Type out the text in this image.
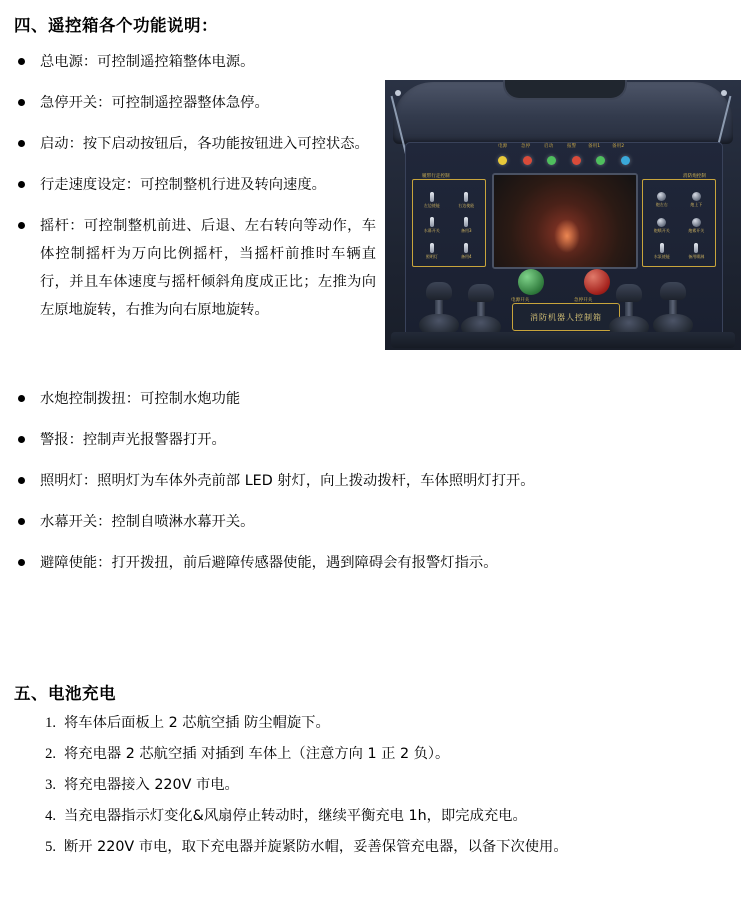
四、遥控箱各个功能说明：
总电源：可控制遥控箱整体电源。
急停开关：可控制遥控器整体急停。
启动：按下启动按钮后，各功能按钮进入可控状态。
行走速度设定：可控制整机行进及转向速度。
摇杆：可控制整机前进、后退、左右转向等动作，车体控制摇杆为万向比例摇杆，当摇杆前推时车辆直行，并且车体速度与摇杆倾斜角度成正比；左推为向左原地旋转，右推为向右原地旋转。
水炮控制拨扭：可控制水炮功能
警报：控制声光报警器打开。
照明灯：照明灯为车体外壳前部 LED 射灯，向上拨动拨杆，车体照明灯打开。
水幕开关：控制自喷淋水幕开关。
避障使能：打开拨扭，前后避障传感器使能，遇到障碍会有报警灯指示。
五、电池充电
1. 将车体后面板上 2 芯航空插 防尘帽旋下。
2. 将充电器 2 芯航空插 对插到 车体上（注意方向 1 正 2 负）。
3. 将充电器接入 220V 市电。
4. 当充电器指示灯变化&风扇停止转动时，继续平衡充电 1h，即完成充电。
5. 断开 220V 市电，取下充电器并旋紧防水帽，妥善保管充电器，以备下次使用。
电源	急停	启动	报警	备用1	备用2
履带行走控制
左边使能	右边使能
水幕开关	备用3
照明灯	备用4
消防炮控制
炮左右	炮上下
炮喷开关	炮雾开关
水泵使能	备用喷淋
电源开关	急停开关
消防机器人控制箱
